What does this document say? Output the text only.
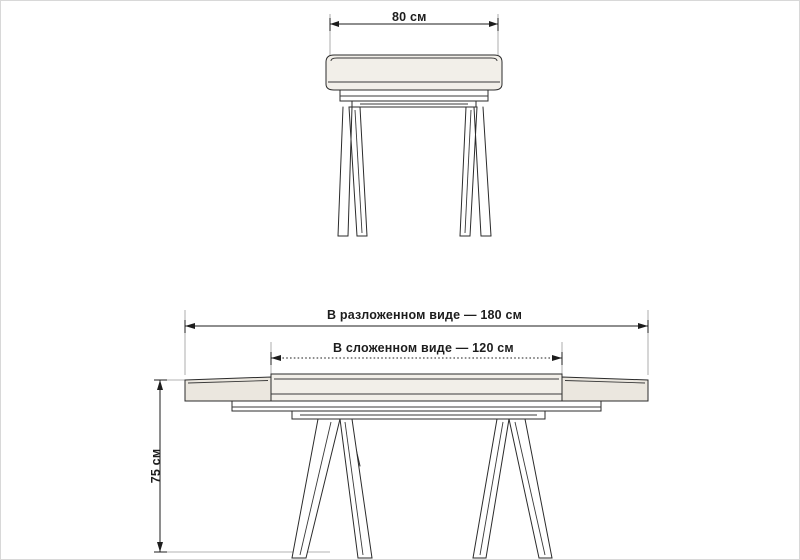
80 см
В разложенном виде — 180 см
В сложенном виде — 120 см
75 см
